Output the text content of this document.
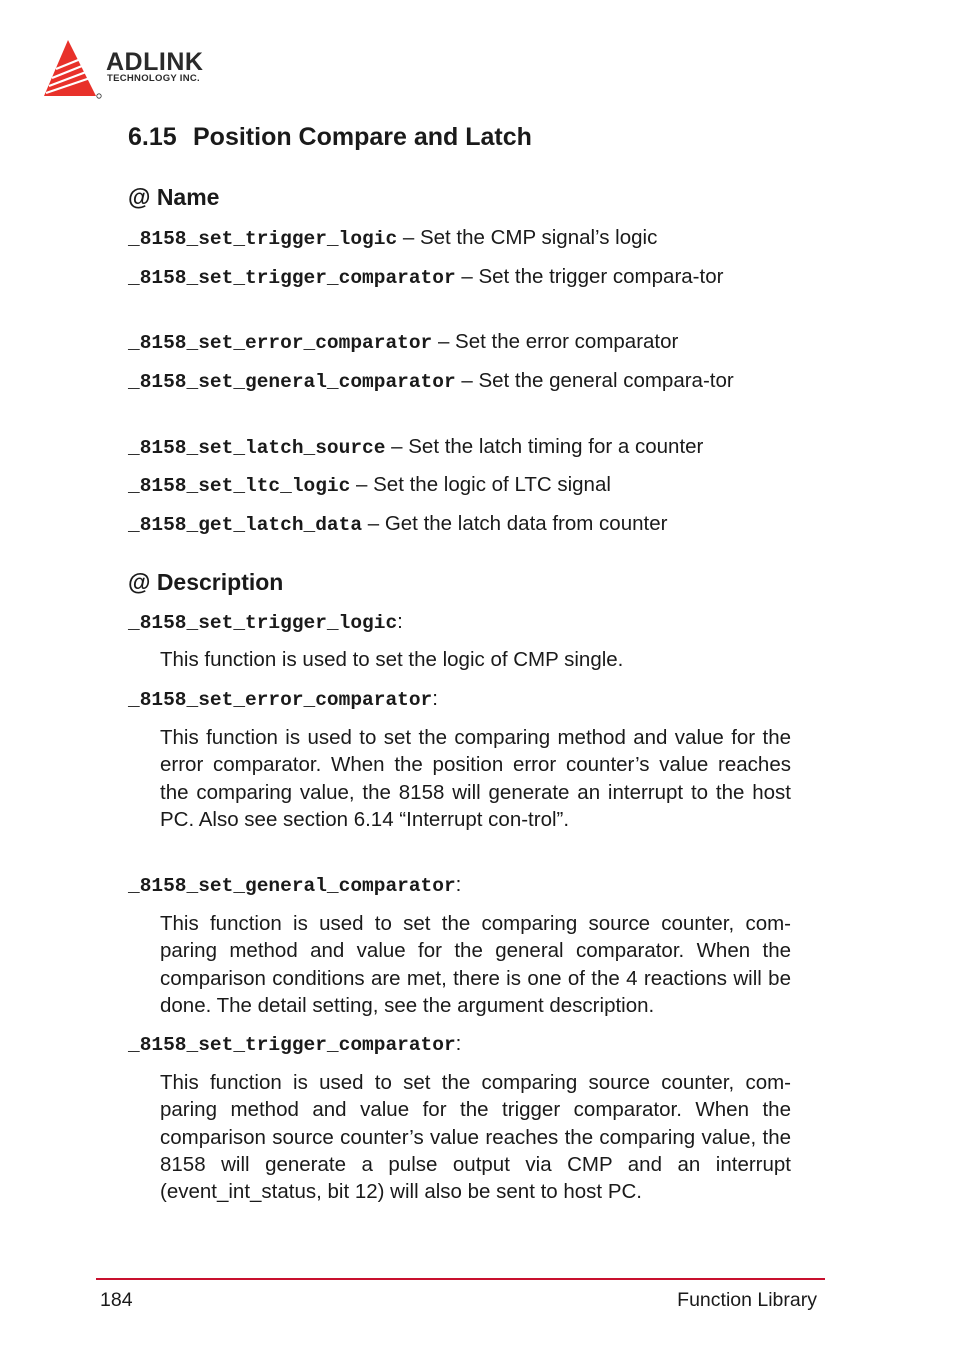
ADLINK
TECHNOLOGY INC.
6.15 Position Compare and Latch
@ Name
_8158_set_trigger_logic – Set the CMP signal’s logic
_8158_set_trigger_comparator – Set the trigger compara-tor
_8158_set_error_comparator – Set the error comparator
_8158_set_general_comparator – Set the general compara-tor
_8158_set_latch_source – Set the latch timing for a counter
_8158_set_ltc_logic – Set the logic of LTC signal
_8158_get_latch_data – Get the latch data from counter
@ Description
_8158_set_trigger_logic:
This function is used to set the logic of CMP single.
_8158_set_error_comparator:
This function is used to set the comparing method and value for the error comparator. When the position error counter’s value reaches the comparing value, the 8158 will generate an interrupt to the host PC. Also see section 6.14 “Interrupt con-trol”.
_8158_set_general_comparator:
This function is used to set the comparing source counter, com-paring method and value for the general comparator. When the comparison conditions are met, there is one of the 4 reactions will be done. The detail setting, see the argument description.
_8158_set_trigger_comparator:
This function is used to set the comparing source counter, com-paring method and value for the trigger comparator. When the comparison source counter’s value reaches the comparing value, the 8158 will generate a pulse output via CMP and an interrupt (event_int_status, bit 12) will also be sent to host PC.
184	Function Library
